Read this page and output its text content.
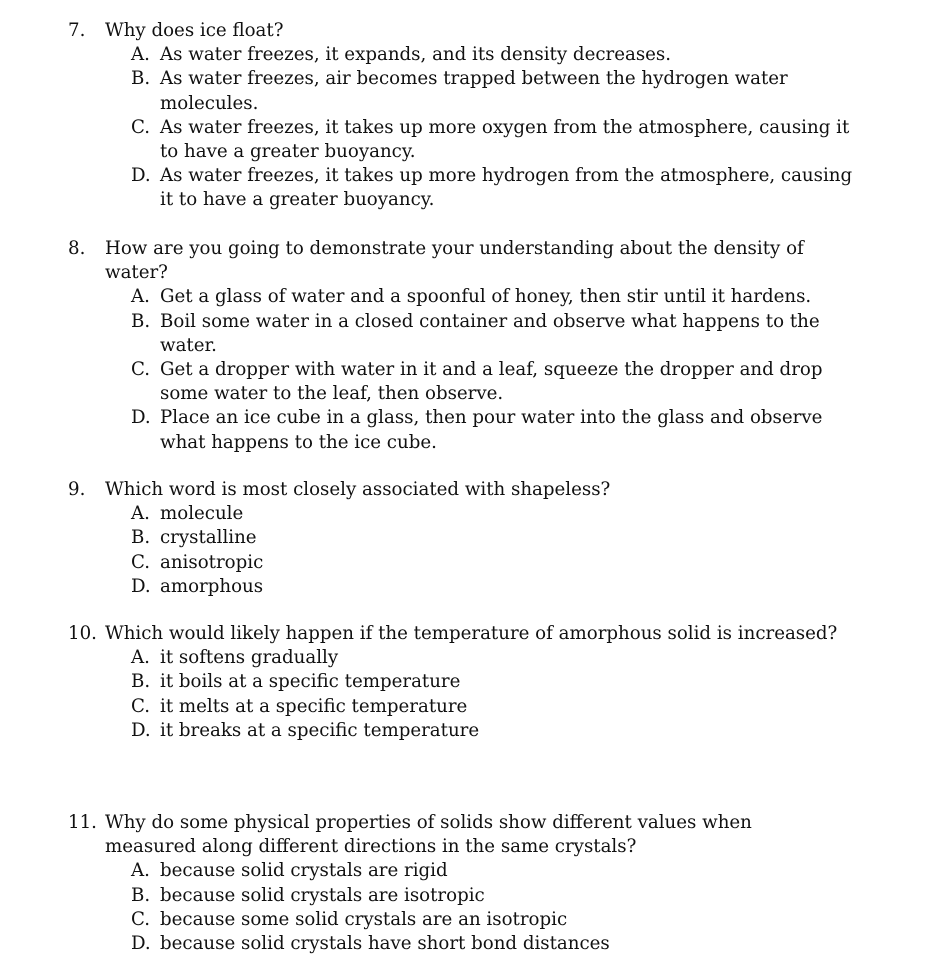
7. Why does ice float?
A. As water freezes, it expands, and its density decreases.
B. As water freezes, air becomes trapped between the hydrogen water
molecules.
C. As water freezes, it takes up more oxygen from the atmosphere, causing it
to have a greater buoyancy.
D. As water freezes, it takes up more hydrogen from the atmosphere, causing
it to have a greater buoyancy.
8. How are you going to demonstrate your understanding about the density of
water?
A. Get a glass of water and a spoonful of honey, then stir until it hardens.
B. Boil some water in a closed container and observe what happens to the
water.
C. Get a dropper with water in it and a leaf, squeeze the dropper and drop
some water to the leaf, then observe.
D. Place an ice cube in a glass, then pour water into the glass and observe
what happens to the ice cube.
9. Which word is most closely associated with shapeless?
A. molecule
B. crystalline
C. anisotropic
D. amorphous
10. Which would likely happen if the temperature of amorphous solid is increased?
A. it softens gradually
B. it boils at a specific temperature
C. it melts at a specific temperature
D. it breaks at a specific temperature
11. Why do some physical properties of solids show different values when
measured along different directions in the same crystals?
A. because solid crystals are rigid
B. because solid crystals are isotropic
C. because some solid crystals are an isotropic
D. because solid crystals have short bond distances
